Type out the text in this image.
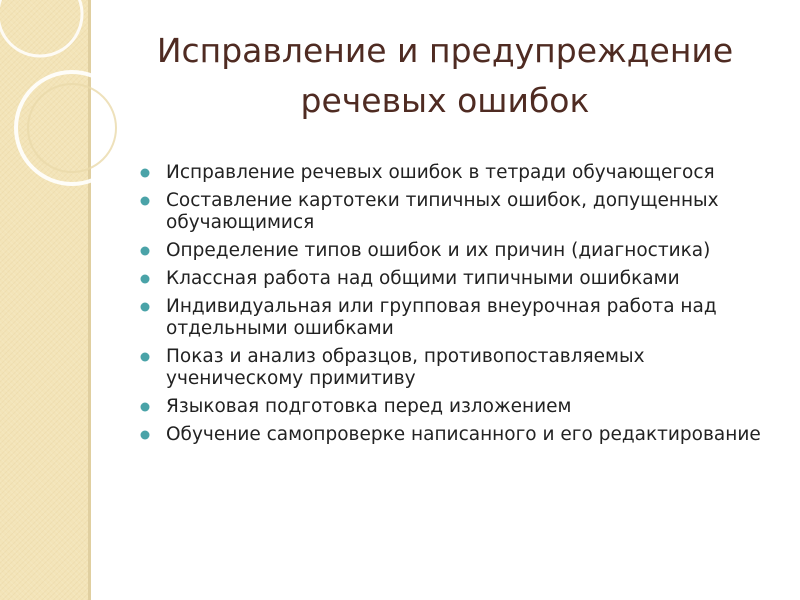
Исправление и предупреждение
речевых ошибок
Исправление речевых ошибок в тетради обучающегося
Составление картотеки типичных ошибок, допущенных обучающимися
Определение типов ошибок и их причин (диагностика)
Классная работа над общими типичными ошибками
Индивидуальная или групповая внеурочная работа над отдельными ошибками
Показ и анализ образцов, противопоставляемых ученическому примитиву
Языковая подготовка перед изложением
Обучение самопроверке написанного и его редактирование
